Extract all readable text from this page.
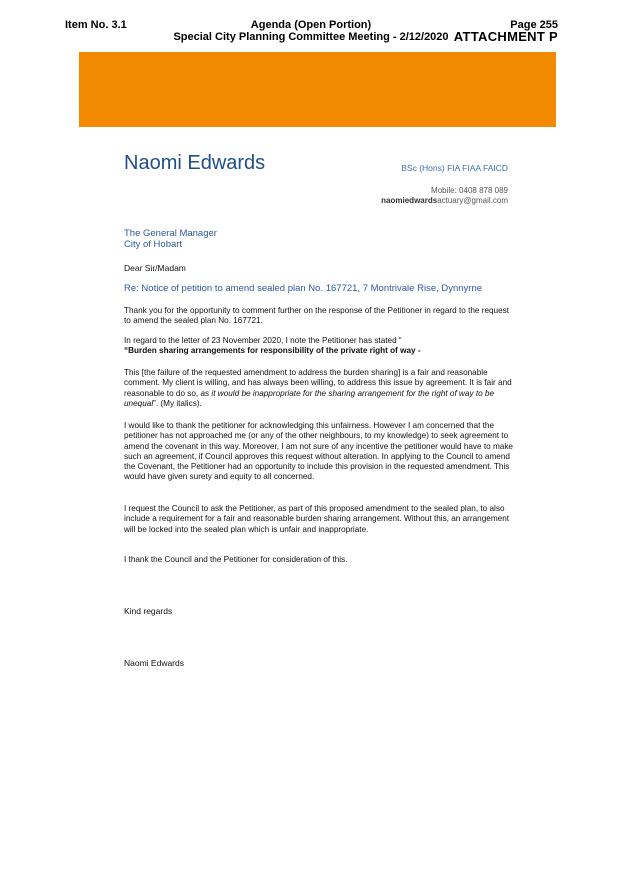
Item No. 3.1	Agenda (Open Portion)
Special City Planning Committee Meeting - 2/12/2020
Page 255
ATTACHMENT P
Naomi Edwards	BSc (Hons) FIA FIAA FAICD
Mobile: 0408 878 089
naomiedwardsactuary@gmail.com
The General Manager
City of Hobart
Dear Sir/Madam
Re: Notice of petition to amend sealed plan No. 167721, 7 Montrivale Rise, Dynnyrne
Thank you for the opportunity to comment further on the response of the Petitioner in regard to the request to amend the sealed plan No. 167721.
In regard to the letter of 23 November 2020, I note the Petitioner has stated “
“Burden sharing arrangements for responsibility of the private right of way -
This [the failure of the requested amendment to address the burden sharing] is a fair and reasonable comment. My client is willing, and has always been willing, to address this issue by agreement. It is fair and reasonable to do so, as it would be inappropriate for the sharing arrangement for the right of way to be unequal”. (My italics).
I would like to thank the petitioner for acknowledging this unfairness. However I am concerned that the petitioner has not approached me (or any of the other neighbours, to my knowledge) to seek agreement to amend the covenant in this way. Moreover, I am not sure of any incentive the petitioner would have to make such an agreement, if Council approves this request without alteration. In applying to the Council to amend the Covenant, the Petitioner had an opportunity to include this provision in the requested amendment. This would have given surety and equity to all concerned.
I request the Council to ask the Petitioner, as part of this proposed amendment to the sealed plan, to also include a requirement for a fair and reasonable burden sharing arrangement. Without this, an arrangement will be locked into the sealed plan which is unfair and inappropriate.
I thank the Council and the Petitioner for consideration of this.
Kind regards
Naomi Edwards
